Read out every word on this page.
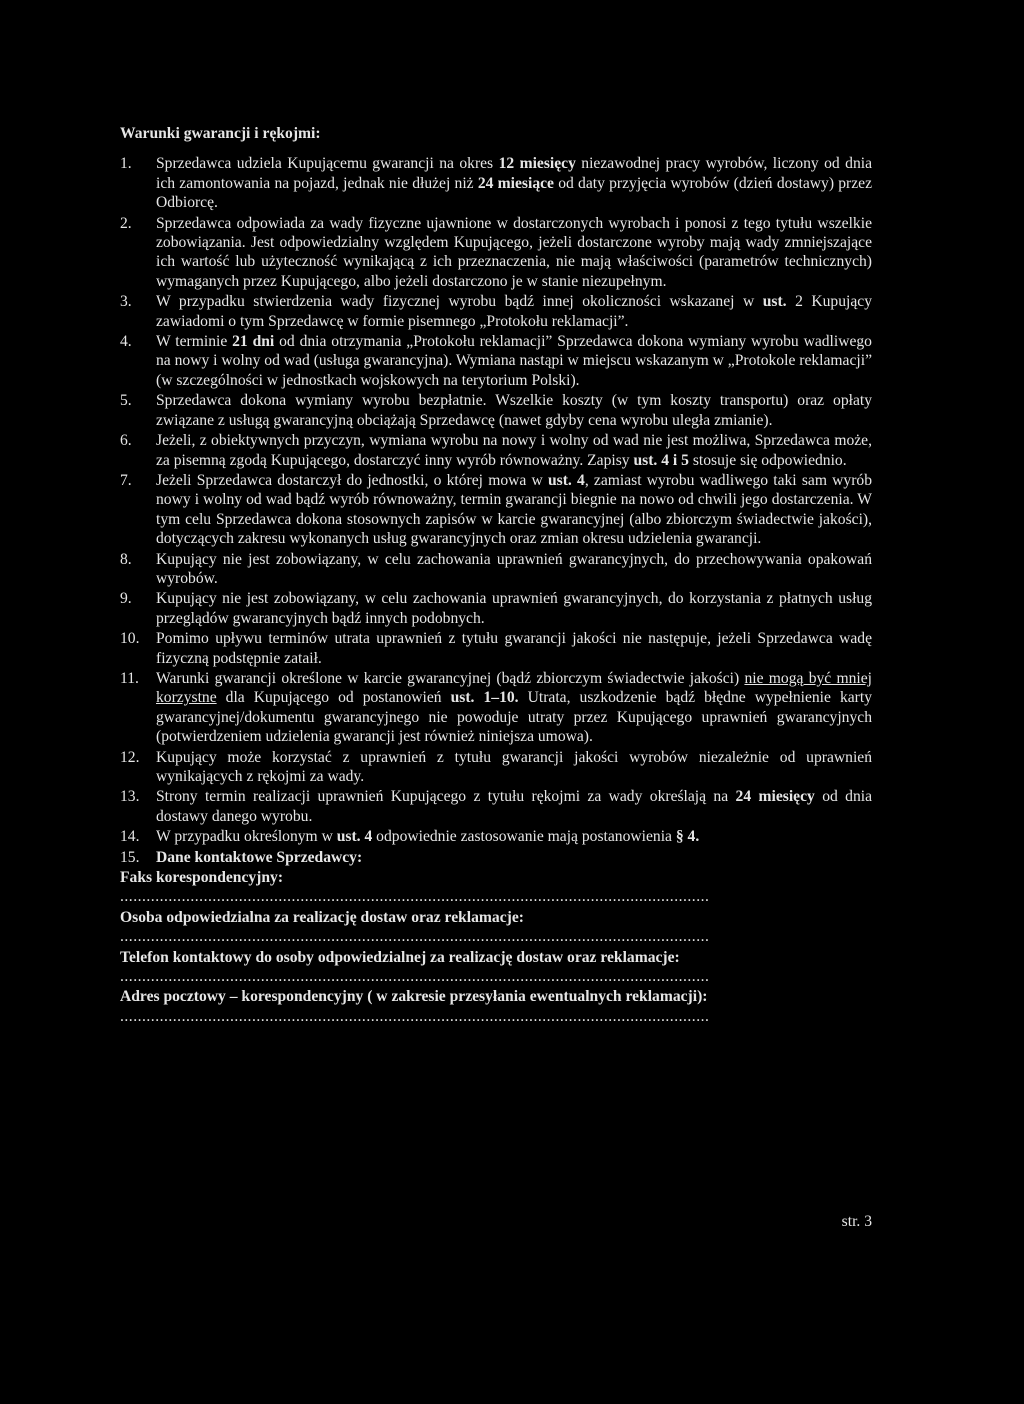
Warunki gwarancji i rękojmi:
1. Sprzedawca udziela Kupującemu gwarancji na okres 12 miesięcy niezawodnej pracy wyrobów, liczony od dnia ich zamontowania na pojazd, jednak nie dłużej niż 24 miesiące od daty przyjęcia wyrobów (dzień dostawy) przez Odbiorcę.
2. Sprzedawca odpowiada za wady fizyczne ujawnione w dostarczonych wyrobach i ponosi z tego tytułu wszelkie zobowiązania. Jest odpowiedzialny względem Kupującego, jeżeli dostarczone wyroby mają wady zmniejszające ich wartość lub użyteczność wynikającą z ich przeznaczenia, nie mają właściwości (parametrów technicznych) wymaganych przez Kupującego, albo jeżeli dostarczono je w stanie niezupełnym.
3. W przypadku stwierdzenia wady fizycznej wyrobu bądź innej okoliczności wskazanej w ust. 2 Kupujący zawiadomi o tym Sprzedawcę w formie pisemnego „Protokołu reklamacji”.
4. W terminie 21 dni od dnia otrzymania „Protokołu reklamacji” Sprzedawca dokona wymiany wyrobu wadliwego na nowy i wolny od wad (usługa gwarancyjna). Wymiana nastąpi w miejscu wskazanym w „Protokole reklamacji” (w szczególności w jednostkach wojskowych na terytorium Polski).
5. Sprzedawca dokona wymiany wyrobu bezpłatnie. Wszelkie koszty (w tym koszty transportu) oraz opłaty związane z usługą gwarancyjną obciążają Sprzedawcę (nawet gdyby cena wyrobu uległa zmianie).
6. Jeżeli, z obiektywnych przyczyn, wymiana wyrobu na nowy i wolny od wad nie jest możliwa, Sprzedawca może, za pisemną zgodą Kupującego, dostarczyć inny wyrób równoważny. Zapisy ust. 4 i 5 stosuje się odpowiednio.
7. Jeżeli Sprzedawca dostarczył do jednostki, o której mowa w ust. 4, zamiast wyrobu wadliwego taki sam wyrób nowy i wolny od wad bądź wyrób równoważny, termin gwarancji biegnie na nowo od chwili jego dostarczenia. W tym celu Sprzedawca dokona stosownych zapisów w karcie gwarancyjnej (albo zbiorczym świadectwie jakości), dotyczących zakresu wykonanych usług gwarancyjnych oraz zmian okresu udzielenia gwarancji.
8. Kupujący nie jest zobowiązany, w celu zachowania uprawnień gwarancyjnych, do przechowywania opakowań wyrobów.
9. Kupujący nie jest zobowiązany, w celu zachowania uprawnień gwarancyjnych, do korzystania z płatnych usług przeglądów gwarancyjnych bądź innych podobnych.
10. Pomimo upływu terminów utrata uprawnień z tytułu gwarancji jakości nie następuje, jeżeli Sprzedawca wadę fizyczną podstępnie zataił.
11. Warunki gwarancji określone w karcie gwarancyjnej (bądź zbiorczym świadectwie jakości) nie mogą być mniej korzystne dla Kupującego od postanowień ust. 1–10. Utrata, uszkodzenie bądź błędne wypełnienie karty gwarancyjnej/dokumentu gwarancyjnego nie powoduje utraty przez Kupującego uprawnień gwarancyjnych (potwierdzeniem udzielenia gwarancji jest również niniejsza umowa).
12. Kupujący może korzystać z uprawnień z tytułu gwarancji jakości wyrobów niezależnie od uprawnień wynikających z rękojmi za wady.
13. Strony termin realizacji uprawnień Kupującego z tytułu rękojmi za wady określają na 24 miesięcy od dnia dostawy danego wyrobu.
14. W przypadku określonym w ust. 4 odpowiednie zastosowanie mają postanowienia § 4.
15. Dane kontaktowe Sprzedawcy:
Faks korespondencyjny:
......................................................................................................................................
Osoba odpowiedzialna za realizację dostaw oraz reklamacje:
......................................................................................................................................
Telefon kontaktowy do osoby odpowiedzialnej za realizację dostaw oraz reklamacje:
......................................................................................................................................
Adres pocztowy – korespondencyjny ( w zakresie przesyłania ewentualnych reklamacji):
......................................................................................................................................
str. 3
